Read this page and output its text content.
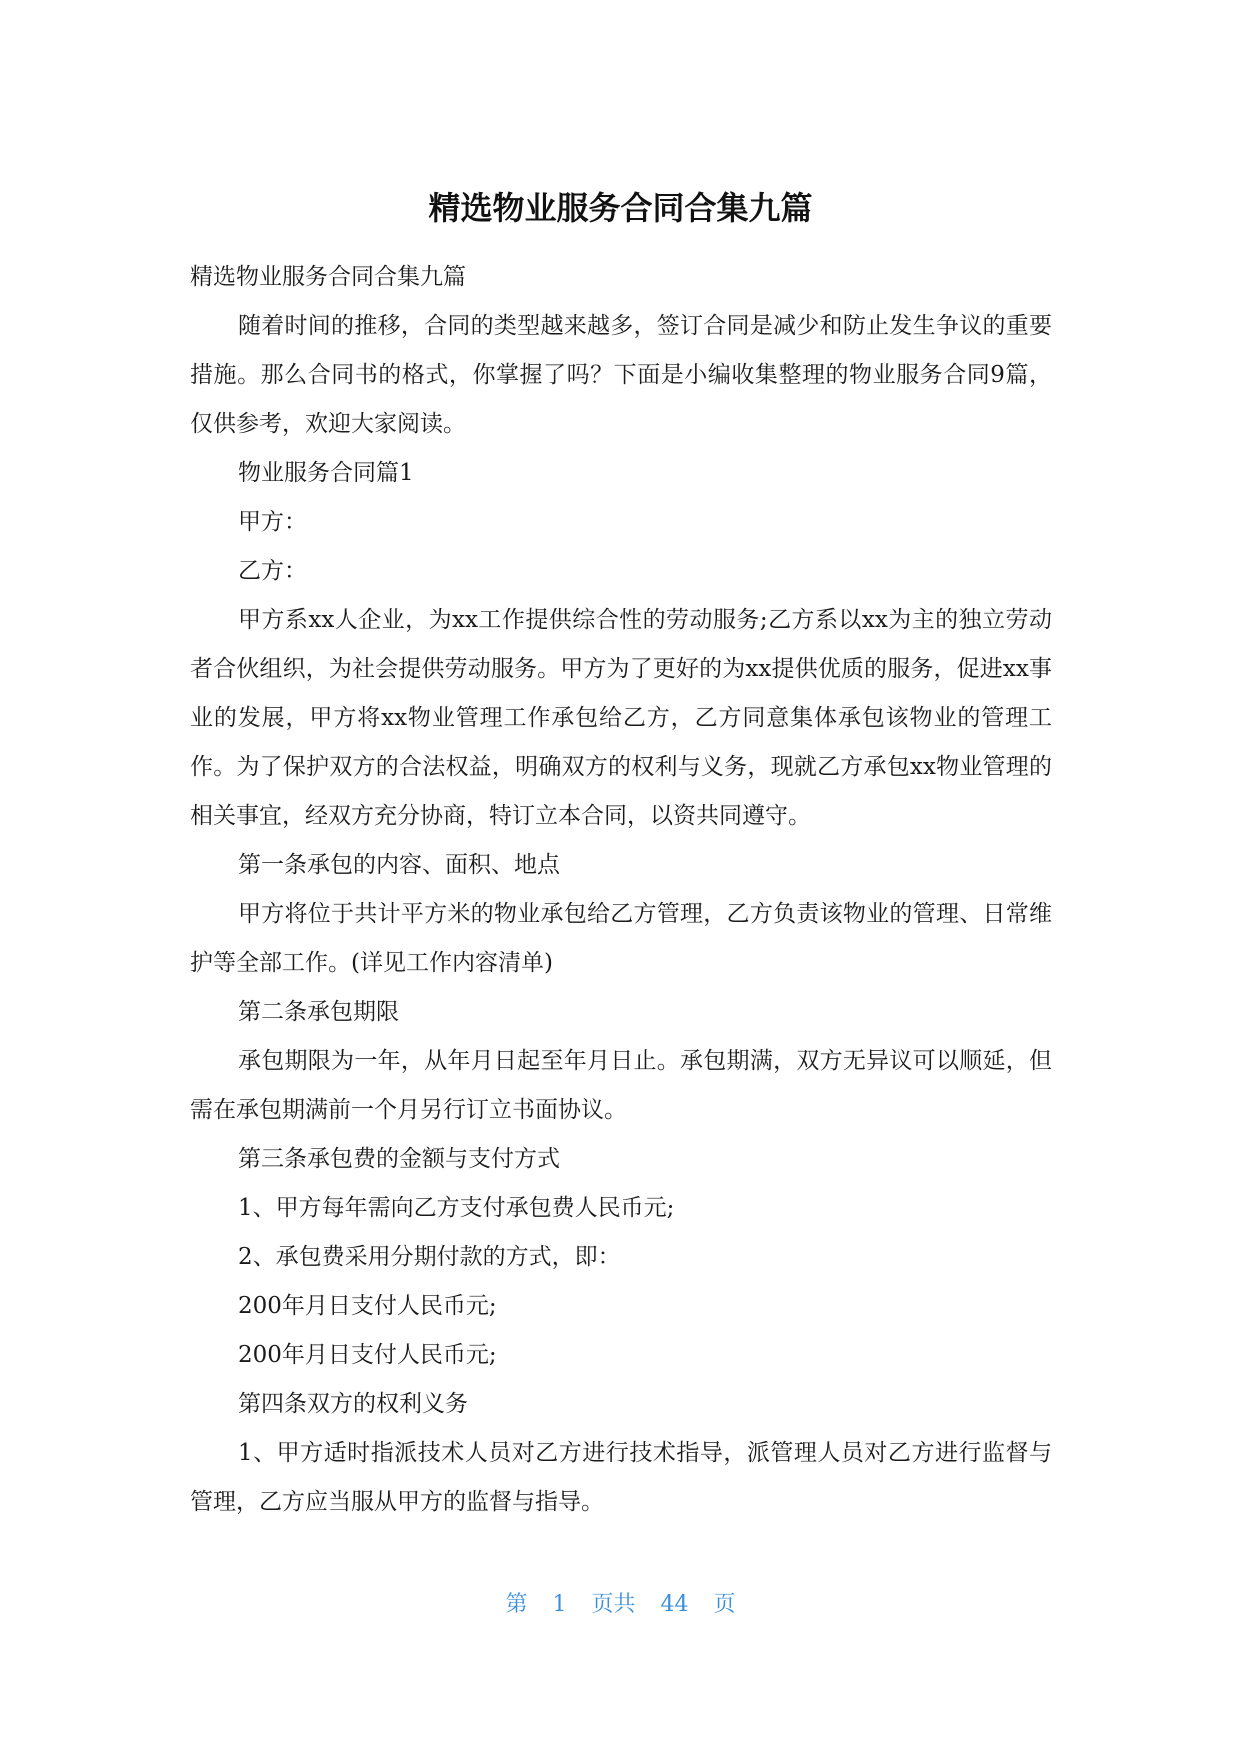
精选物业服务合同合集九篇

精选物业服务合同合集九篇

随着时间的推移，合同的类型越来越多，签订合同是减少和防止发生争议的重要措施。那么合同书的格式，你掌握了吗？下面是小编收集整理的物业服务合同9篇，仅供参考，欢迎大家阅读。

物业服务合同篇1

甲方：

乙方：

甲方系xx人企业，为xx工作提供综合性的劳动服务;乙方系以xx为主的独立劳动者合伙组织，为社会提供劳动服务。甲方为了更好的为xx提供优质的服务，促进xx事业的发展，甲方将xx物业管理工作承包给乙方，乙方同意集体承包该物业的管理工作。为了保护双方的合法权益，明确双方的权利与义务，现就乙方承包xx物业管理的相关事宜，经双方充分协商，特订立本合同，以资共同遵守。

第一条承包的内容、面积、地点

甲方将位于共计平方米的物业承包给乙方管理，乙方负责该物业的管理、日常维护等全部工作。(详见工作内容清单)

第二条承包期限

承包期限为一年，从年月日起至年月日止。承包期满，双方无异议可以顺延，但需在承包期满前一个月另行订立书面协议。

第三条承包费的金额与支付方式

1、甲方每年需向乙方支付承包费人民币元;

2、承包费采用分期付款的方式，即：

200年月日支付人民币元;

200年月日支付人民币元;

第四条双方的权利义务

1、甲方适时指派技术人员对乙方进行技术指导，派管理人员对乙方进行监督与管理，乙方应当服从甲方的监督与指导。

第 1 页共 44 页
